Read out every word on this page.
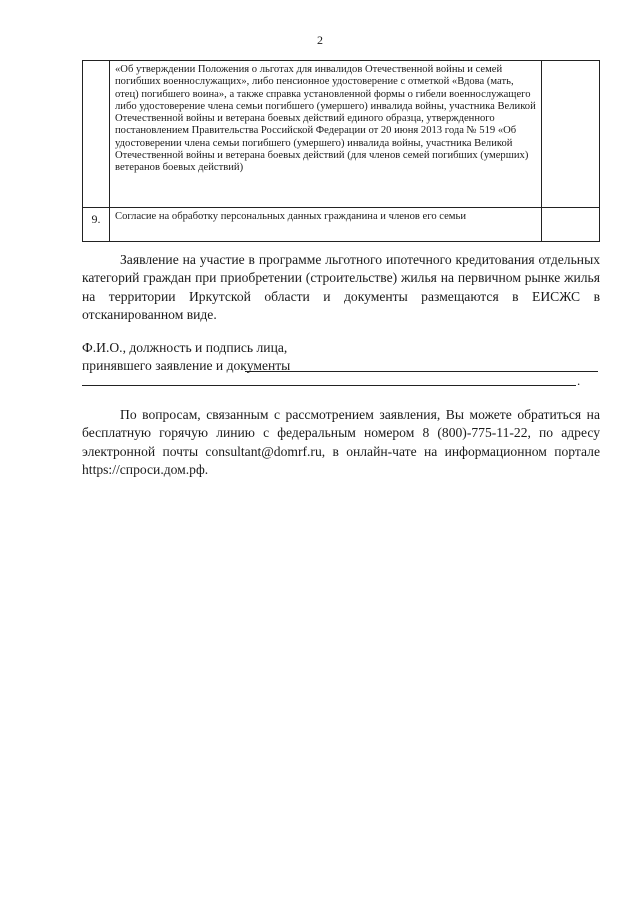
2
	«Об утверждении Положения о льготах для инвалидов Отечественной войны и семей погибших военнослужащих», либо пенсионное удостоверение с отметкой «Вдова (мать, отец) погибшего воина», а также справка установленной формы о гибели военнослужащего либо удостоверение члена семьи погибшего (умершего) инвалида войны, участника Великой Отечественной войны и ветерана боевых действий единого образца, утвержденного постановлением Правительства Российской Федерации от 20 июня 2013 года № 519 «Об удостоверении члена семьи погибшего (умершего) инвалида войны, участника Великой Отечественной войны и ветерана боевых действий (для членов семей погибших (умерших) ветеранов боевых действий)	
9.	Согласие на обработку персональных данных гражданина и членов его семьи	
Заявление на участие в программе льготного ипотечного кредитования отдельных категорий граждан при приобретении (строительстве) жилья на первичном рынке жилья на территории Иркутской области и документы размещаются в ЕИСЖС в отсканированном виде.
Ф.И.О., должность и подпись лица,
принявшего заявление и документы
.
По вопросам, связанным с рассмотрением заявления, Вы можете обратиться на бесплатную горячую линию с федеральным номером 8 (800)-775-11-22, по адресу электронной почты consultant@domrf.ru, в онлайн-чате на информационном портале https://спроси.дом.рф.
